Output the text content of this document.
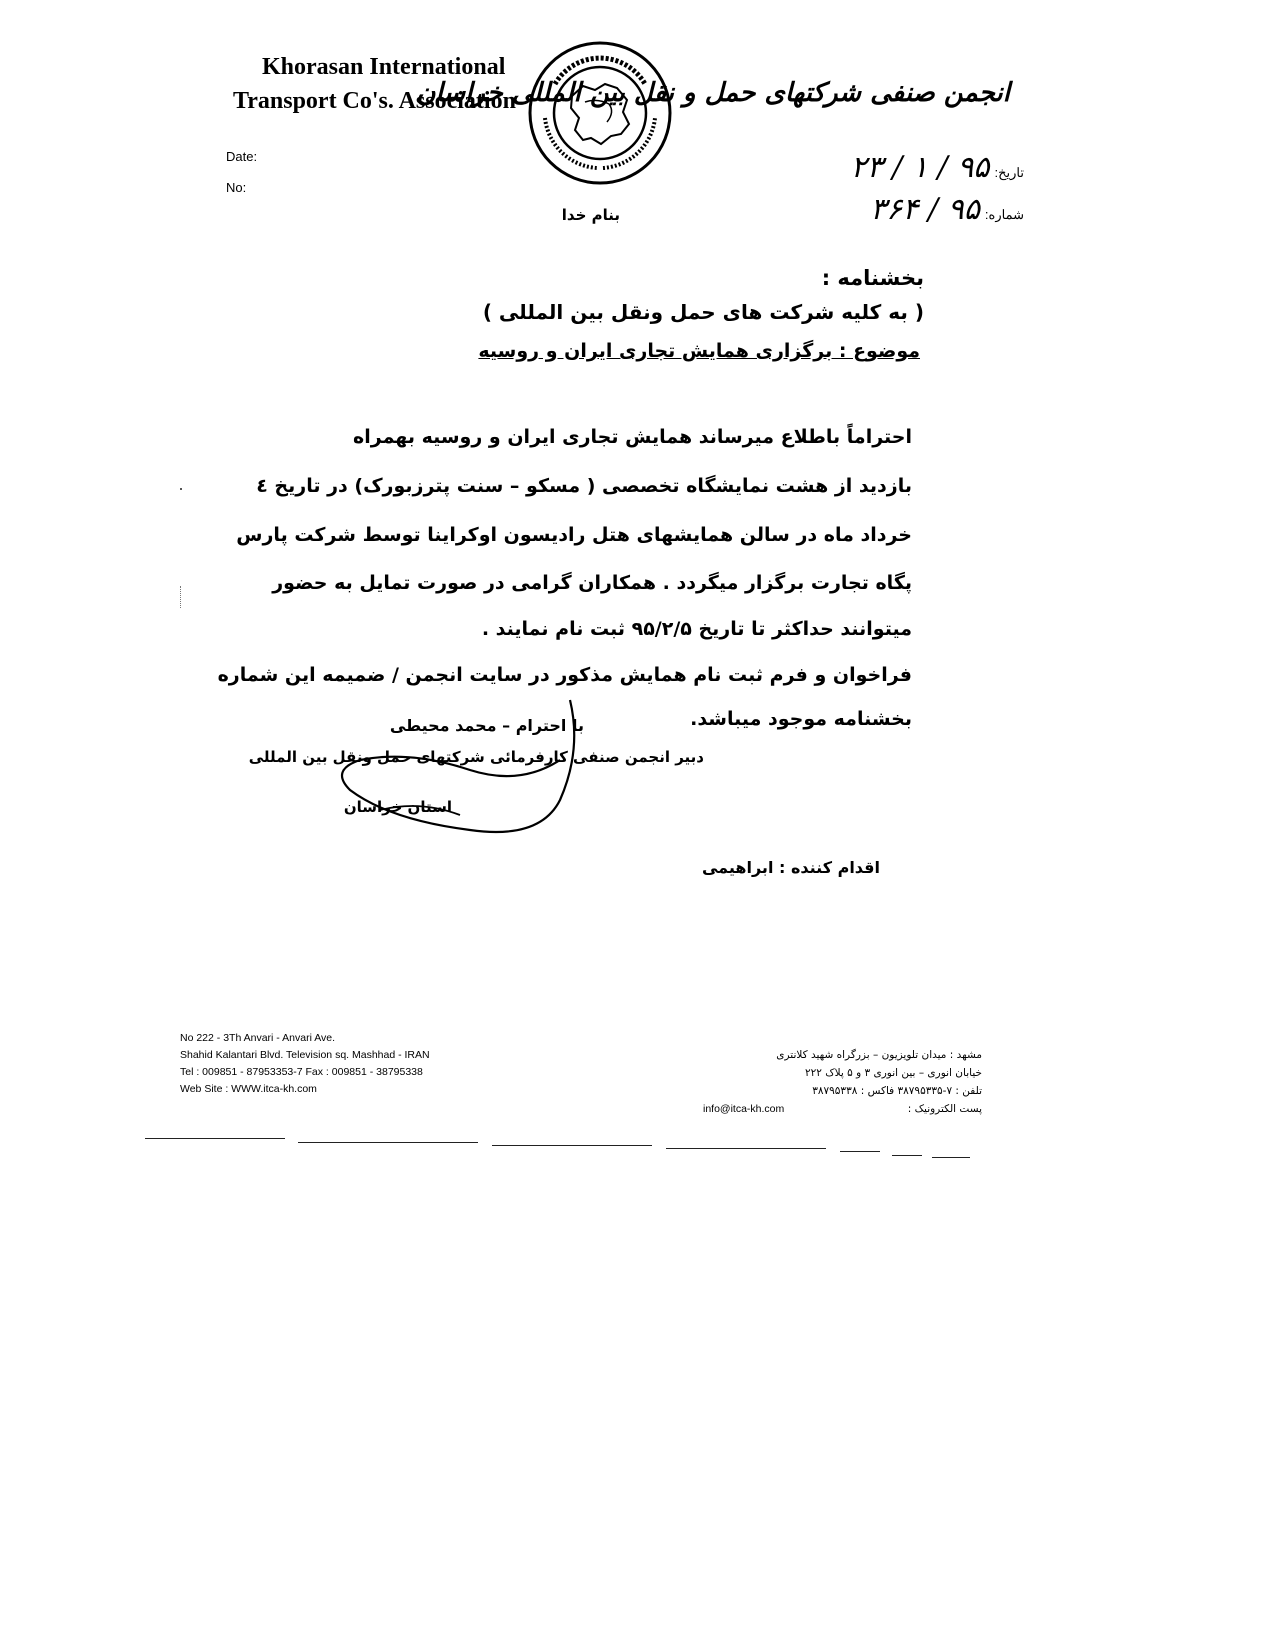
Khorasan International
Transport Co's. Association
انجمن صنفی شرکتهای حمل و نقل بین المللی خراسان
Date:
No:
تاریخ: ۹۵ / ۱ / ۲۳
شماره: ۹۵ / ۳۶۴
بنام خدا
بخشنامه :
( به کلیه شرکت های حمل ونقل بین المللی )
موضوع : برگزاری همایش تجاری ایران و روسیه
احتراماً باطلاع میرساند همایش تجاری ایران و روسیه بهمراه
بازدید از هشت نمایشگاه تخصصی ( مسکو – سنت پترزبورک) در تاریخ ٤
خرداد ماه در سالن همایشهای هتل رادیسون اوکراینا توسط شرکت پارس
پگاه تجارت برگزار میگردد . همکاران گرامی در صورت تمایل به حضور
میتوانند حداکثر تا تاریخ ۹۵/۲/۵ ثبت نام نمایند .
فراخوان و فرم ثبت نام همایش مذکور در سایت انجمن / ضمیمه این شماره
بخشنامه موجود میباشد.
با احترام – محمد محیطی
دبیر انجمن صنفی کارفرمائی شرکتهای حمل ونقل بین المللی
استان خراسان
اقدام کننده : ابراهیمی
No 222 - 3Th Anvari - Anvari Ave.
Shahid Kalantari Blvd. Television sq. Mashhad - IRAN
Tel : 009851 - 87953353-7 Fax : 009851 - 38795338
Web Site : WWW.itca-kh.com
مشهد : میدان تلویزیون – بزرگراه شهید کلانتری
خیابان انوری – بین انوری ۳ و ۵ پلاک ۲۲۲
تلفن : ۷-۳۸۷۹۵۳۳۵ فاکس : ۳۸۷۹۵۳۳۸
پست الکترونیک :
info@itca-kh.com
